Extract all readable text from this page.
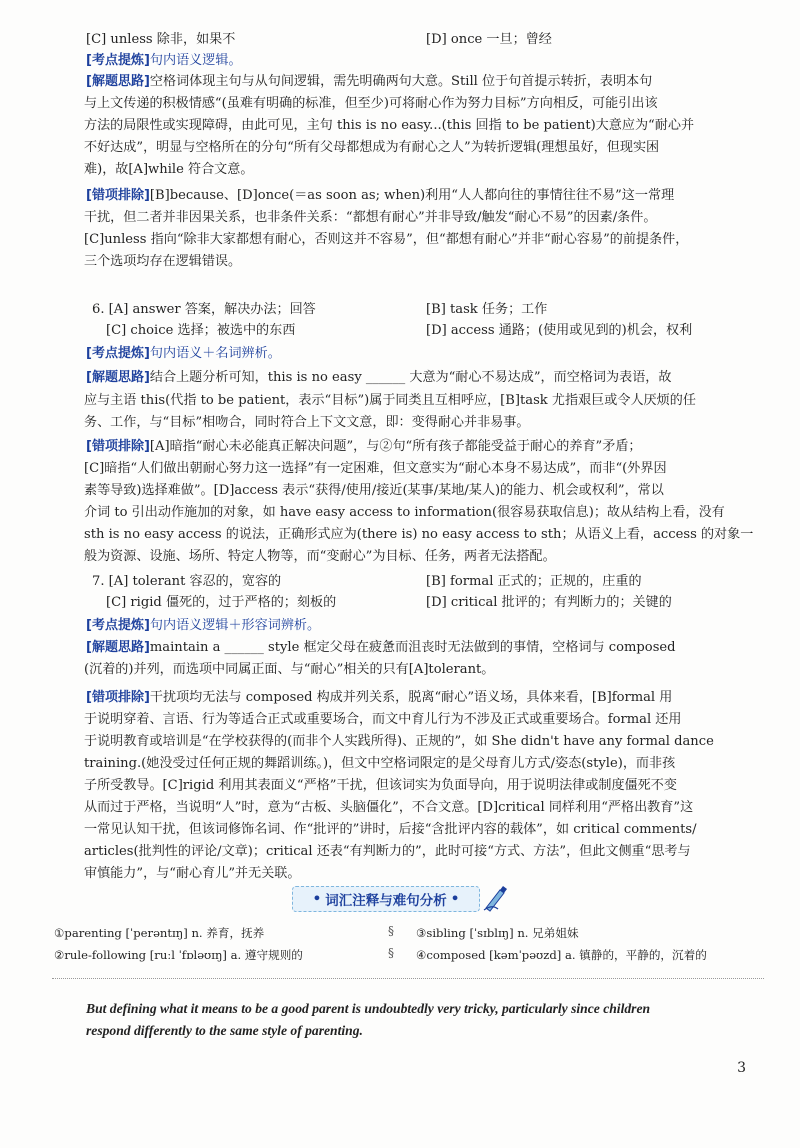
[C] unless 除非，如果不	[D] once 一旦；曾经
[考点提炼]句内语义逻辑。
[解题思路]空格词体现主句与从句间逻辑，需先明确两句大意。Still 位于句首提示转折，表明本句
与上文传递的积极情感“(虽难有明确的标准，但至少)可将耐心作为努力目标”方向相反，可能引出该
方法的局限性或实现障碍，由此可见，主句 this is no easy...(this 回指 to be patient)大意应为“耐心并
不好达成”，明显与空格所在的分句“所有父母都想成为有耐心之人”为转折逻辑(理想虽好，但现实困
难)，故[A]while 符合文意。
[错项排除][B]because、[D]once(＝as soon as; when)利用“人人都向往的事情往往不易”这一常理
干扰，但二者并非因果关系，也非条件关系：“都想有耐心”并非导致/触发“耐心不易”的因素/条件。
[C]unless 指向“除非大家都想有耐心，否则这并不容易”，但“都想有耐心”并非“耐心容易”的前提条件，
三个选项均存在逻辑错误。
6. [A] answer 答案，解决办法；回答	[B] task 任务；工作
[C] choice 选择；被选中的东西	[D] access 通路；(使用或见到的)机会，权利
[考点提炼]句内语义＋名词辨析。
[解题思路]结合上题分析可知，this is no easy ______ 大意为“耐心不易达成”，而空格词为表语，故
应与主语 this(代指 to be patient，表示“目标”)属于同类且互相呼应，[B]task 尤指艰巨或令人厌烦的任
务、工作，与“目标”相吻合，同时符合上下文文意，即：变得耐心并非易事。
[错项排除][A]暗指“耐心未必能真正解决问题”，与②句“所有孩子都能受益于耐心的养育”矛盾；
[C]暗指“人们做出朝耐心努力这一选择”有一定困难，但文意实为“耐心本身不易达成”，而非“(外界因
素等导致)选择难做”。[D]access 表示“获得/使用/接近(某事/某地/某人)的能力、机会或权利”，常以
介词 to 引出动作施加的对象，如 have easy access to information(很容易获取信息)；故从结构上看，没有
sth is no easy access 的说法，正确形式应为(there is) no easy access to sth；从语义上看，access 的对象一
般为资源、设施、场所、特定人物等，而“变耐心”为目标、任务，两者无法搭配。
7. [A] tolerant 容忍的，宽容的	[B] formal 正式的；正规的，庄重的
[C] rigid 僵死的，过于严格的；刻板的	[D] critical 批评的；有判断力的；关键的
[考点提炼]句内语义逻辑＋形容词辨析。
[解题思路]maintain a ______ style 框定父母在疲惫而沮丧时无法做到的事情，空格词与 composed
(沉着的)并列，而选项中同属正面、与“耐心”相关的只有[A]tolerant。
[错项排除]干扰项均无法与 composed 构成并列关系，脱离“耐心”语义场，具体来看，[B]formal 用
于说明穿着、言语、行为等适合正式或重要场合，而文中育儿行为不涉及正式或重要场合。formal 还用
于说明教育或培训是“在学校获得的(而非个人实践所得)、正规的”，如 She didn't have any formal dance
training.(她没受过任何正规的舞蹈训练。)，但文中空格词限定的是父母育儿方式/姿态(style)，而非孩
子所受教导。[C]rigid 利用其表面义“严格”干扰，但该词实为负面导向，用于说明法律或制度僵死不变
从而过于严格，当说明“人”时，意为“古板、头脑僵化”，不合文意。[D]critical 同样利用“严格出教育”这
一常见认知干扰，但该词修饰名词、作“批评的”讲时，后接“含批评内容的载体”，如 critical comments/
articles(批判性的评论/文章)；critical 还表“有判断力的”，此时可接“方式、方法”，但此文侧重“思考与
审慎能力”，与“耐心育儿”并无关联。
• 词汇注释与难句分析 •
①parenting [ˈperəntɪŋ] n. 养育，抚养	§ ③sibling [ˈsɪblɪŋ] n. 兄弟姐妹
②rule-following [ruːl ˈfɒləʊɪŋ] a. 遵守规则的	§ ④composed [kəmˈpəʊzd] a. 镇静的，平静的，沉着的
But defining what it means to be a good parent is undoubtedly very tricky, particularly since children
respond differently to the same style of parenting.
3
